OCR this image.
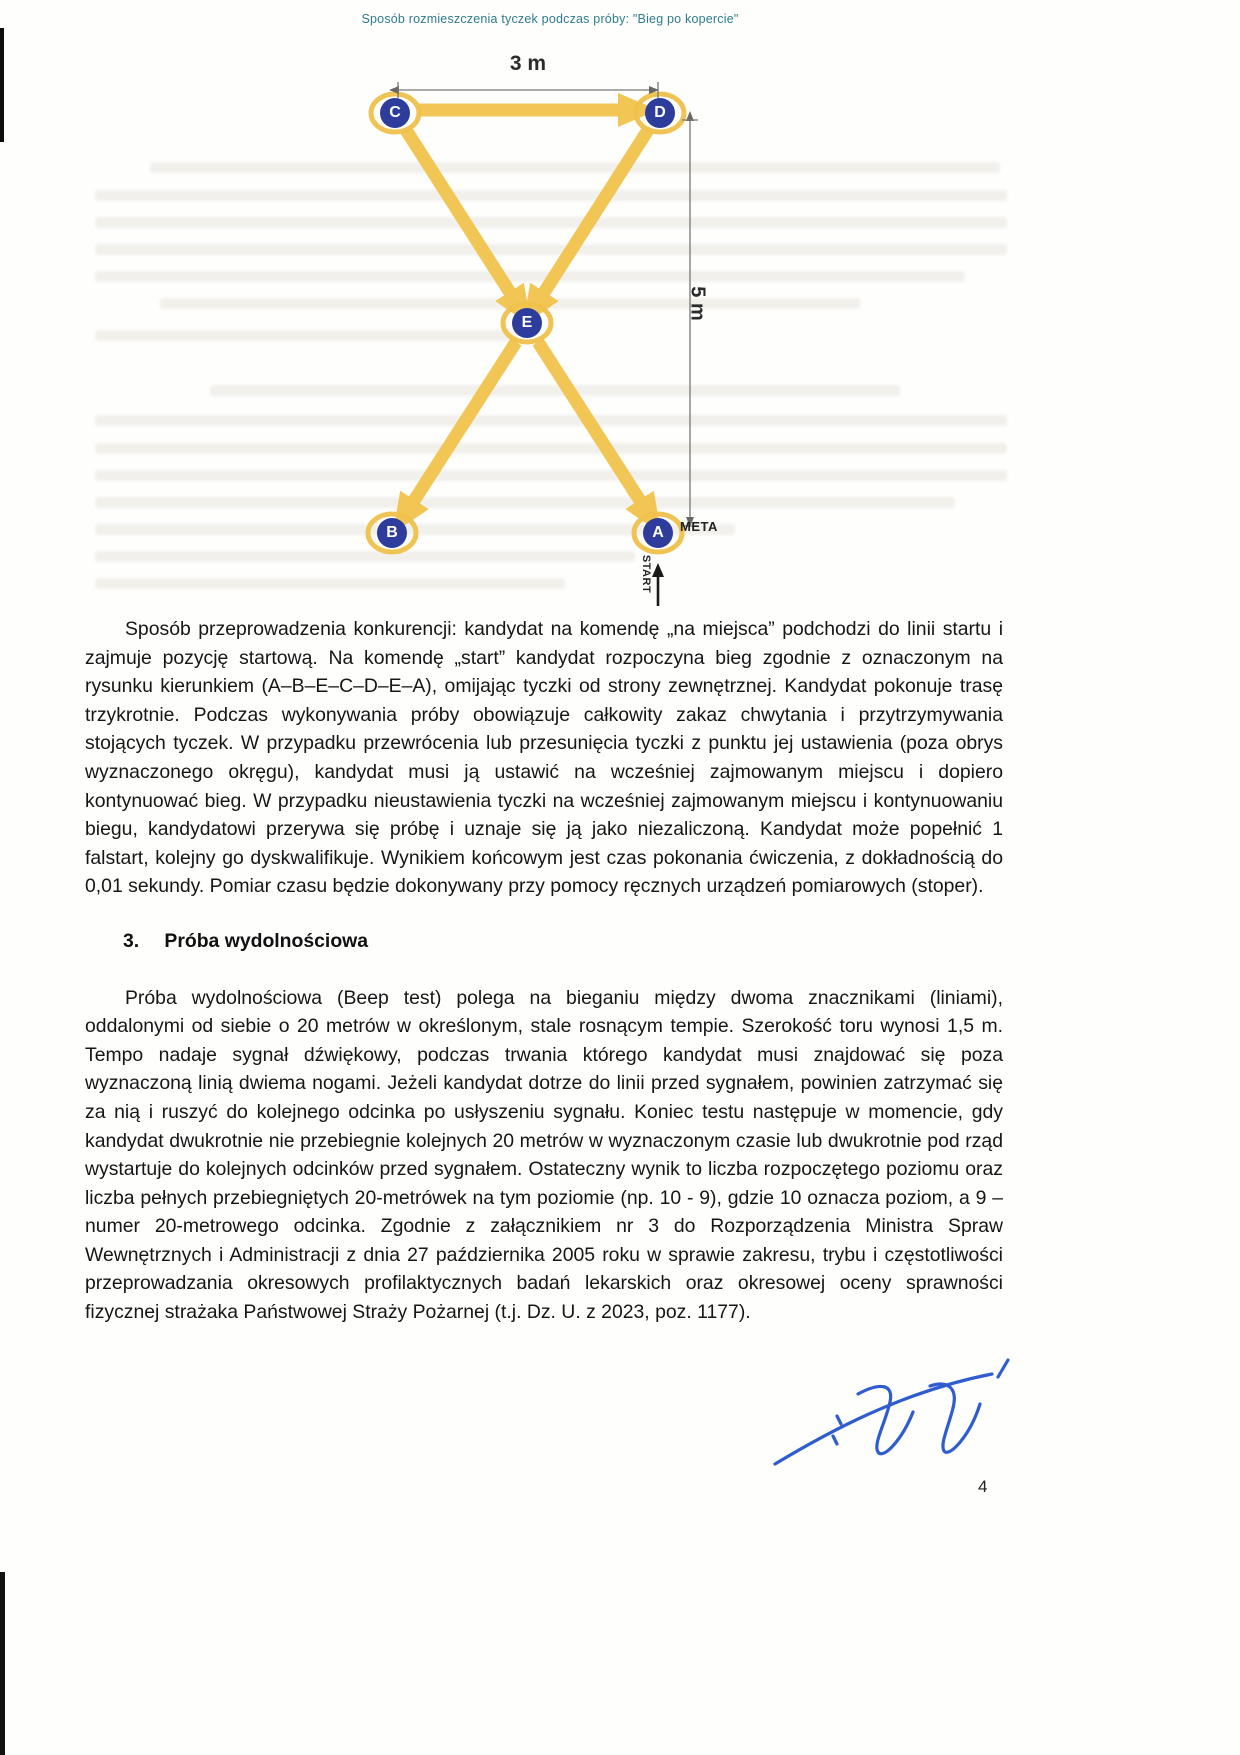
Sposób rozmieszczenia tyczek podczas próby: "Bieg po kopercie"
3 m
5 m
META
START
C	D
E
B	A

Sposób przeprowadzenia konkurencji: kandydat na komendę „na miejsca” podchodzi do linii startu i zajmuje pozycję startową. Na komendę „start” kandydat rozpoczyna bieg zgodnie z oznaczonym na rysunku kierunkiem (A–B–E–C–D–E–A), omijając tyczki od strony zewnętrznej. Kandydat pokonuje trasę trzykrotnie. Podczas wykonywania próby obowiązuje całkowity zakaz chwytania i przytrzymywania stojących tyczek. W przypadku przewrócenia lub przesunięcia tyczki z punktu jej ustawienia (poza obrys wyznaczonego okręgu), kandydat musi ją ustawić na wcześniej zajmowanym miejscu i dopiero kontynuować bieg. W przypadku nieustawienia tyczki na wcześniej zajmowanym miejscu i kontynuowaniu biegu, kandydatowi przerywa się próbę i uznaje się ją jako niezaliczoną. Kandydat może popełnić 1 falstart, kolejny go dyskwalifikuje. Wynikiem końcowym jest czas pokonania ćwiczenia, z dokładnością do 0,01 sekundy. Pomiar czasu będzie dokonywany przy pomocy ręcznych urządzeń pomiarowych (stoper).

3. Próba wydolnościowa

Próba wydolnościowa (Beep test) polega na bieganiu między dwoma znacznikami (liniami), oddalonymi od siebie o 20 metrów w określonym, stale rosnącym tempie. Szerokość toru wynosi 1,5 m. Tempo nadaje sygnał dźwiękowy, podczas trwania którego kandydat musi znajdować się poza wyznaczoną linią dwiema nogami. Jeżeli kandydat dotrze do linii przed sygnałem, powinien zatrzymać się za nią i ruszyć do kolejnego odcinka po usłyszeniu sygnału. Koniec testu następuje w momencie, gdy kandydat dwukrotnie nie przebiegnie kolejnych 20 metrów w wyznaczonym czasie lub dwukrotnie pod rząd wystartuje do kolejnych odcinków przed sygnałem. Ostateczny wynik to liczba rozpoczętego poziomu oraz liczba pełnych przebiegniętych 20-metrówek na tym poziomie (np. 10 - 9), gdzie 10 oznacza poziom, a 9 – numer 20-metrowego odcinka. Zgodnie z załącznikiem nr 3 do Rozporządzenia Ministra Spraw Wewnętrznych i Administracji z dnia 27 października 2005 roku w sprawie zakresu, trybu i częstotliwości przeprowadzania okresowych profilaktycznych badań lekarskich oraz okresowej oceny sprawności fizycznej strażaka Państwowej Straży Pożarnej (t.j. Dz. U. z 2023, poz. 1177).

4
